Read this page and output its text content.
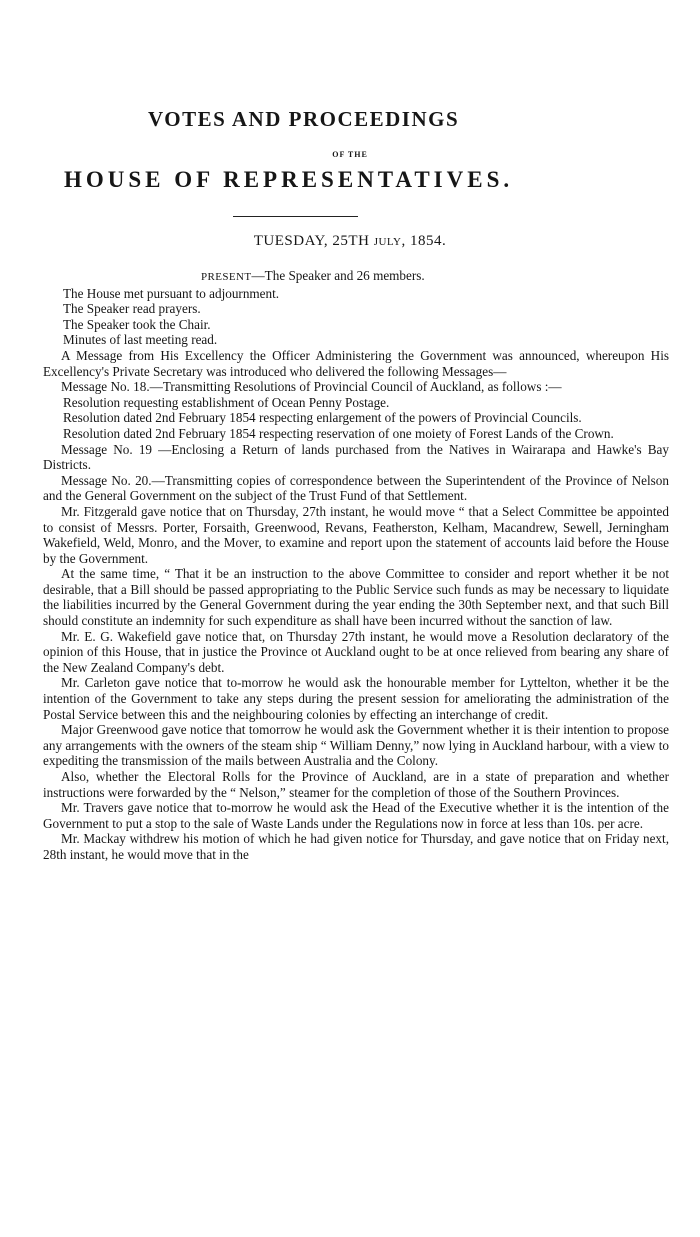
VOTES AND PROCEEDINGS
OF THE
HOUSE OF REPRESENTATIVES.
TUESDAY, 25TH JULY, 1854.

PRESENT—The Speaker and 26 members.

The House met pursuant to adjournment.

The Speaker read prayers.

The Speaker took the Chair.

Minutes of last meeting read.

A Message from His Excellency the Officer Administering the Government was announced, whereupon His Excellency's Private Secretary was introduced who delivered the following Messages—

Message No. 18.—Transmitting Resolutions of Provincial Council of Auckland, as follows :—

Resolution requesting establishment of Ocean Penny Postage.

Resolution dated 2nd February 1854 respecting enlargement of the powers of Provincial Councils.

Resolution dated 2nd February 1854 respecting reservation of one moiety of Forest Lands of the Crown.

Message No. 19 —Enclosing a Return of lands purchased from the Natives in Wairarapa and Hawke's Bay Districts.

Message No. 20.—Transmitting copies of correspondence between the Superintendent of the Province of Nelson and the General Government on the subject of the Trust Fund of that Settlement.

Mr. Fitzgerald gave notice that on Thursday, 27th instant, he would move “ that a Select Committee be appointed to consist of Messrs. Porter, Forsaith, Greenwood, Revans, Featherston, Kelham, Macandrew, Sewell, Jerningham Wakefield, Weld, Monro, and the Mover, to examine and report upon the statement of accounts laid before the House by the Government.

At the same time, “ That it be an instruction to the above Committee to consider and report whether it be not desirable, that a Bill should be passed appropriating to the Public Service such funds as may be necessary to liquidate the liabilities incurred by the General Government during the year ending the 30th September next, and that such Bill should constitute an indemnity for such expenditure as shall have been incurred without the sanction of law.

Mr. E. G. Wakefield gave notice that, on Thursday 27th instant, he would move a Resolution declaratory of the opinion of this House, that in justice the Province ot Auckland ought to be at once relieved from bearing any share of the New Zealand Company's debt.

Mr. Carleton gave notice that to-morrow he would ask the honourable member for Lyttelton, whether it be the intention of the Government to take any steps during the present session for ameliorating the administration of the Postal Service between this and the neighbouring colonies by effecting an interchange of credit.

Major Greenwood gave notice that tomorrow he would ask the Government whether it is their intention to propose any arrangements with the owners of the steam ship “ William Denny,” now lying in Auckland harbour, with a view to expediting the transmission of the mails between Australia and the Colony.

Also, whether the Electoral Rolls for the Province of Auckland, are in a state of preparation and whether instructions were forwarded by the “ Nelson,” steamer for the completion of those of the Southern Provinces.

Mr. Travers gave notice that to-morrow he would ask the Head of the Executive whether it is the intention of the Government to put a stop to the sale of Waste Lands under the Regulations now in force at less than 10s. per acre.

Mr. Mackay withdrew his motion of which he had given notice for Thursday, and gave notice that on Friday next, 28th instant, he would move that in the
